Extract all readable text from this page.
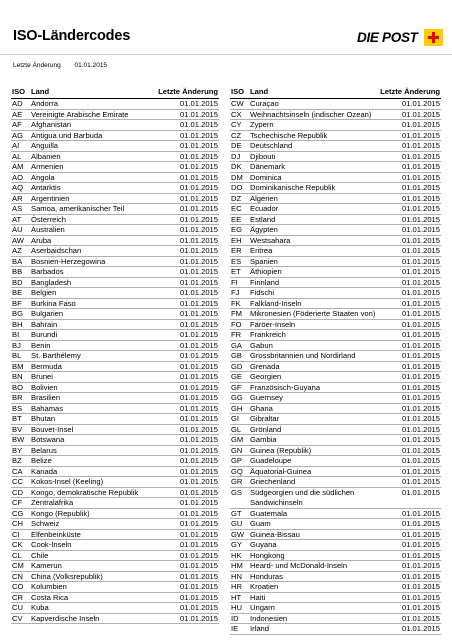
ISO-Ländercodes	DIE POST
Letzte Änderung 01.01.2015
ISO Land	Letzte Änderung
AD Andorra	01.01.2015
AE Vereinigte Arabische Emirate	01.01.2015
AF Afghanistan	01.01.2015
AG Antigua und Barbuda	01.01.2015
AI Anguilla	01.01.2015
AL Albanien	01.01.2015
AM Armenien	01.01.2015
AO Angola	01.01.2015
AQ Antarktis	01.01.2015
AR Argentinien	01.01.2015
AS Samoa, amerikanischer Teil	01.01.2015
AT Österreich	01.01.2015
AU Australien	01.01.2015
AW Aruba	01.01.2015
AZ Aserbaidschan	01.01.2015
BA Bosnien-Herzegowina	01.01.2015
BB Barbados	01.01.2015
BD Bangladesh	01.01.2015
BE Belgien	01.01.2015
BF Burkina Faso	01.01.2015
BG Bulgarien	01.01.2015
BH Bahrain	01.01.2015
BI Burundi	01.01.2015
BJ Benin	01.01.2015
BL St. Barthélemy	01.01.2015
BM Bermuda	01.01.2015
BN Brunei	01.01.2015
BO Bolivien	01.01.2015
BR Brasilien	01.01.2015
BS Bahamas	01.01.2015
BT Bhutan	01.01.2015
BV Bouvet-Insel	01.01.2015
BW Botswana	01.01.2015
BY Belarus	01.01.2015
BZ Belize	01.01.2015
CA Kanada	01.01.2015
CC Kokos-Insel (Keeling)	01.01.2015
CD Kongo, demokratische Republik	01.01.2015
CF Zentralafrika	01.01.2015
CG Kongo (Republik)	01.01.2015
CH Schweiz	01.01.2015
CI Elfenbeinküste	01.01.2015
CK Cook-Inseln	01.01.2015
CL Chile	01.01.2015
CM Kamerun	01.01.2015
CN China (Volksrepublik)	01.01.2015
CO Kolumbien	01.01.2015
CR Costa Rica	01.01.2015
CU Kuba	01.01.2015
CV Kapverdische Inseln	01.01.2015
ISO Land	Letzte Änderung
CW Curaçao	01.01.2015
CX Weihnachtsinseln (indischer Ozean)	01.01.2015
CY Zypern	01.01.2015
CZ Tschechische Republik	01.01.2015
DE Deutschland	01.01.2015
DJ Djibouti	01.01.2015
DK Dänemark	01.01.2015
DM Dominica	01.01.2015
DO Dominikanische Republik	01.01.2015
DZ Algerien	01.01.2015
EC Ecuador	01.01.2015
EE Estland	01.01.2015
EG Ägypten	01.01.2015
EH Westsahara	01.01.2015
ER Eritrea	01.01.2015
ES Spanien	01.01.2015
ET Äthiopien	01.01.2015
FI Finnland	01.01.2015
FJ Fidschi	01.01.2015
FK Falkland-Inseln	01.01.2015
FM Mikronesien (Föderierte Staaten von)	01.01.2015
FO Färöer-Inseln	01.01.2015
FR Frankreich	01.01.2015
GA Gabun	01.01.2015
GB Grossbritannien und Nordirland	01.01.2015
GD Grenada	01.01.2015
GE Georgien	01.01.2015
GF Französisch-Guyana	01.01.2015
GG Guernsey	01.01.2015
GH Ghana	01.01.2015
GI Gibraltar	01.01.2015
GL Grönland	01.01.2015
GM Gambia	01.01.2015
GN Guinea (Republik)	01.01.2015
GP Guadeloupe	01.01.2015
GQ Äquatorial-Guinea	01.01.2015
GR Griechenland	01.01.2015
GS Südgeorgien und die südlichen Sandwichinseln
01.01.2015
GT Guatemala	01.01.2015
GU Guam	01.01.2015
GW Guinea-Bissau	01.01.2015
GY Guyana	01.01.2015
HK Hongkong	01.01.2015
HM Heard- und McDonald-Inseln	01.01.2015
HN Honduras	01.01.2015
HR Kroatien	01.01.2015
HT Haiti	01.01.2015
HU Ungarn	01.01.2015
ID Indonesien	01.01.2015
IE Irland	01.01.2015
